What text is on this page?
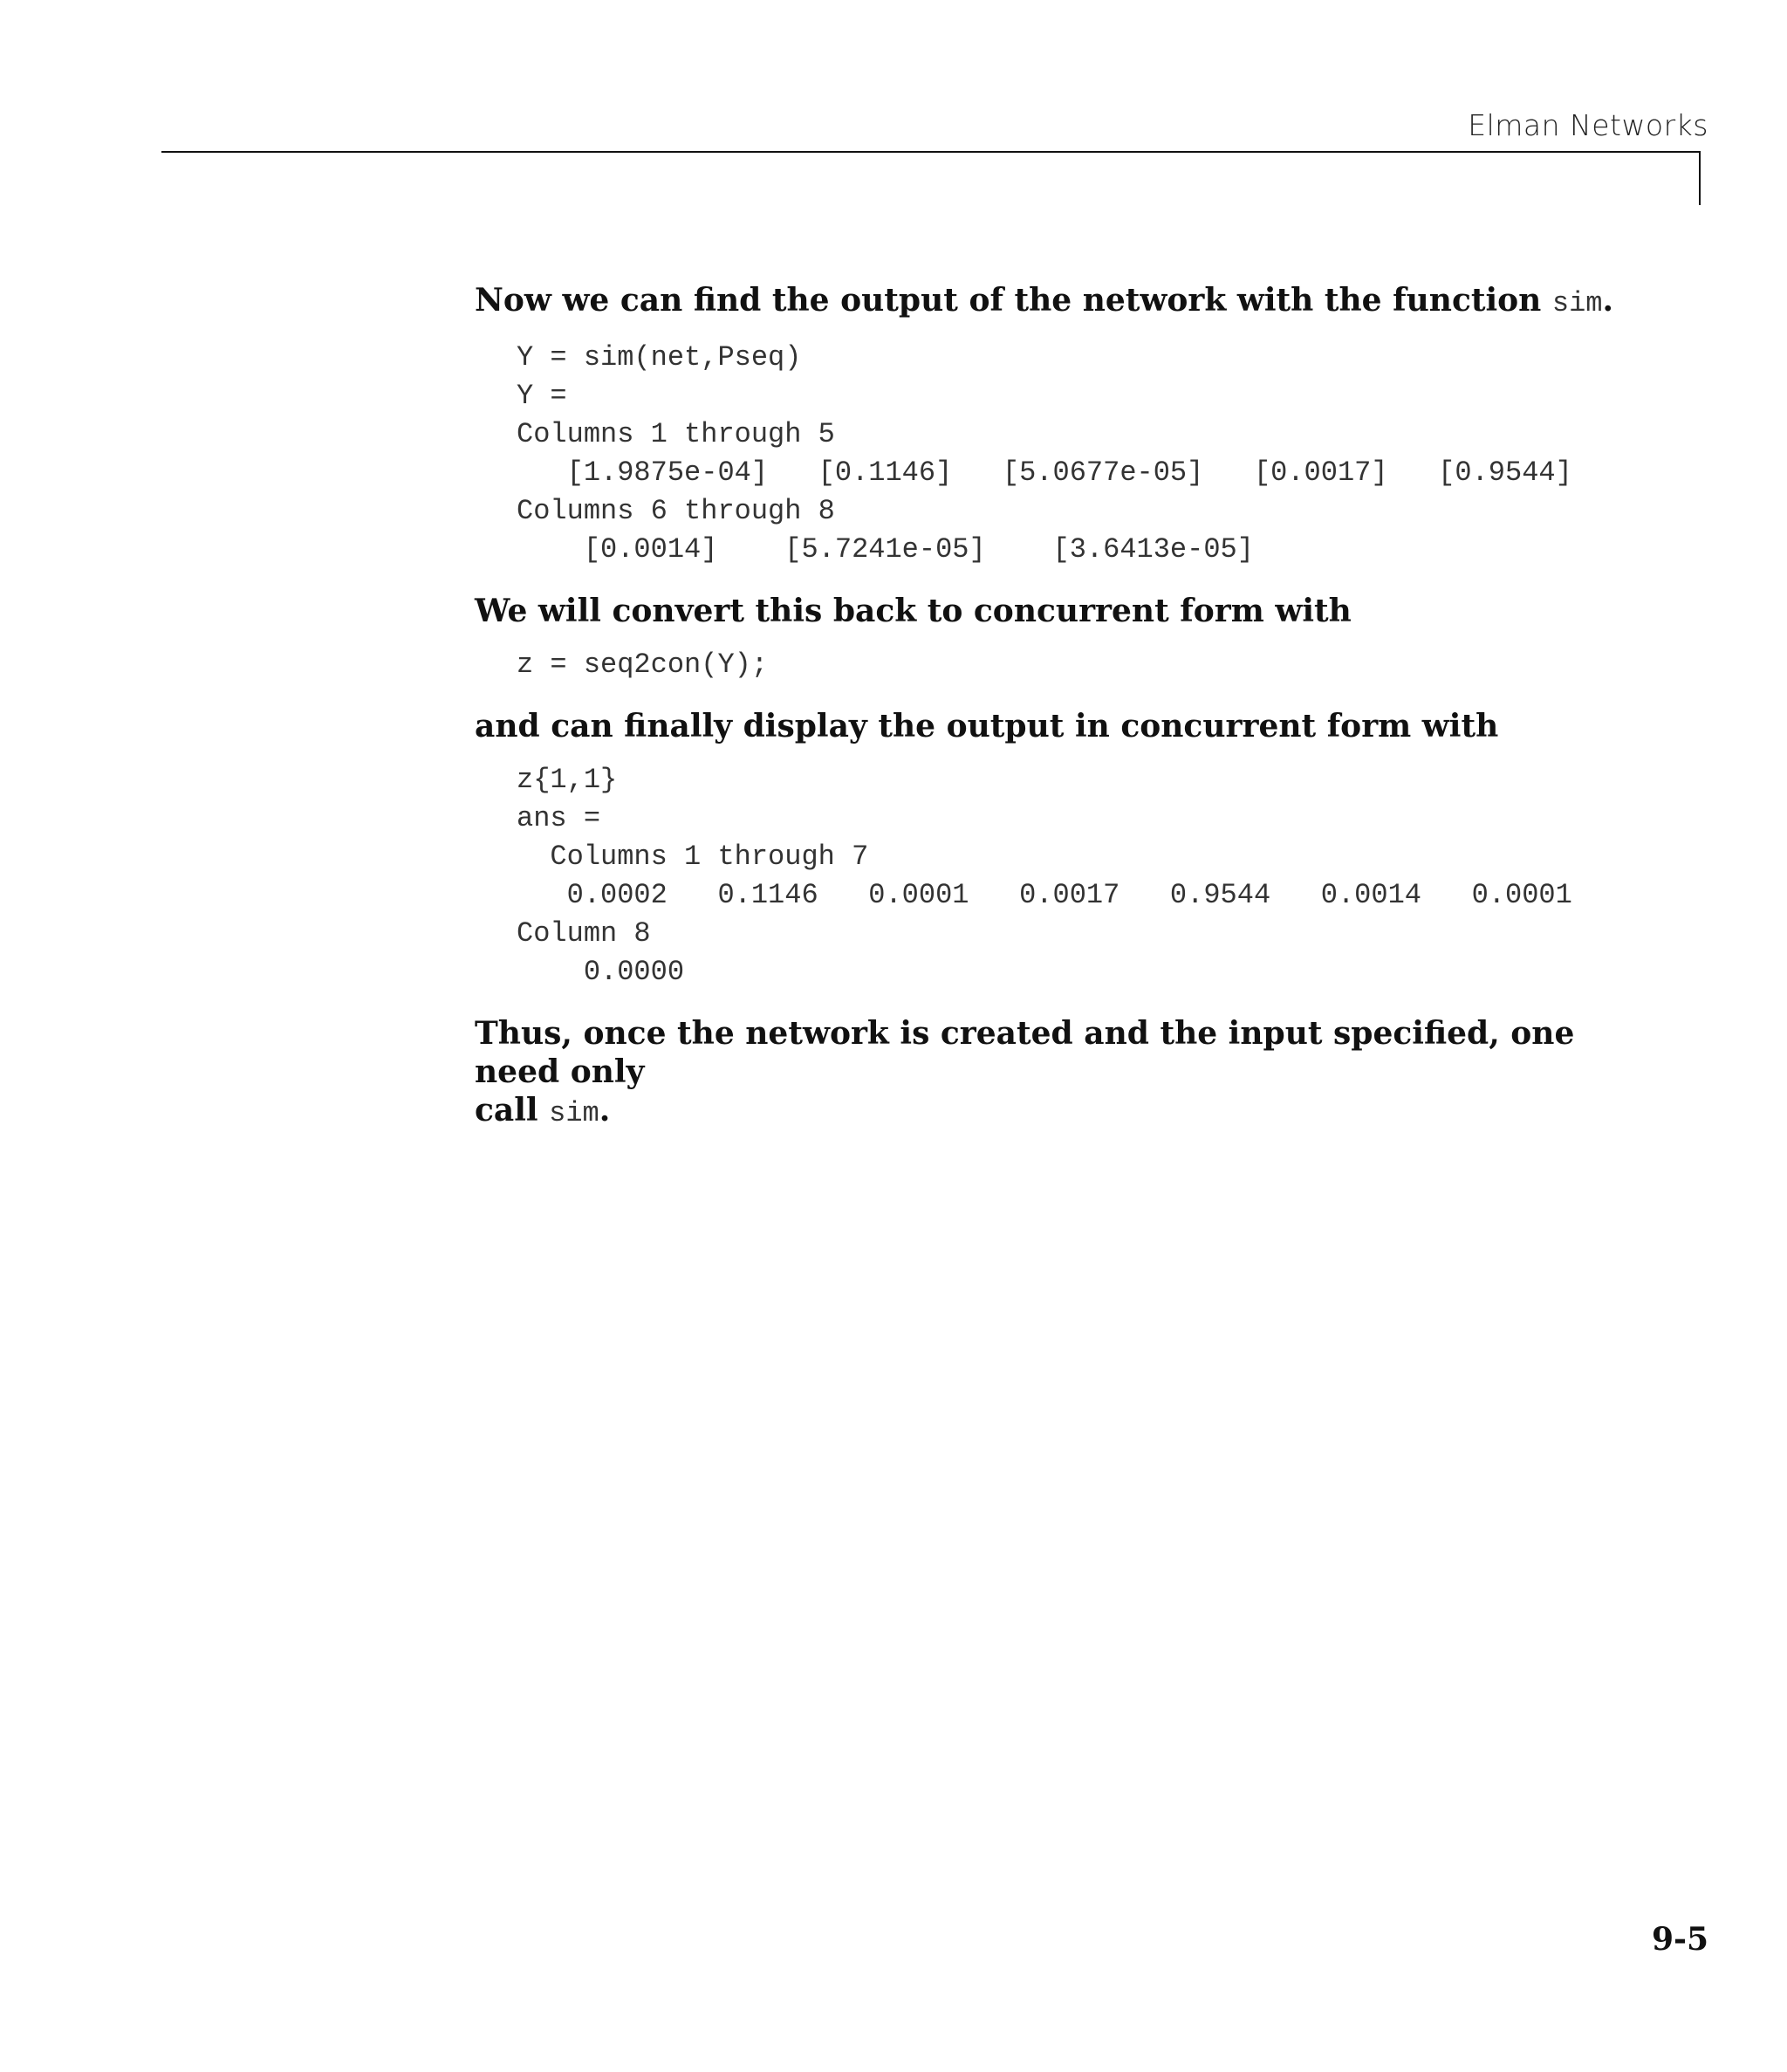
Elman Networks

Now we can find the output of the network with the function sim.

Y = sim(net,Pseq)
Y =
Columns 1 through 5
[1.9875e-04]   [0.1146]   [5.0677e-05]   [0.0017]   [0.9544]
Columns 6 through 8
[0.0014]    [5.7241e-05]    [3.6413e-05]

We will convert this back to concurrent form with

z = seq2con(Y);

and can finally display the output in concurrent form with

z{1,1}
ans =
Columns 1 through 7
0.0002   0.1146   0.0001   0.0017   0.9544   0.0014   0.0001
Column 8
0.0000

Thus, once the network is created and the input specified, one need only
call sim.

9-5
